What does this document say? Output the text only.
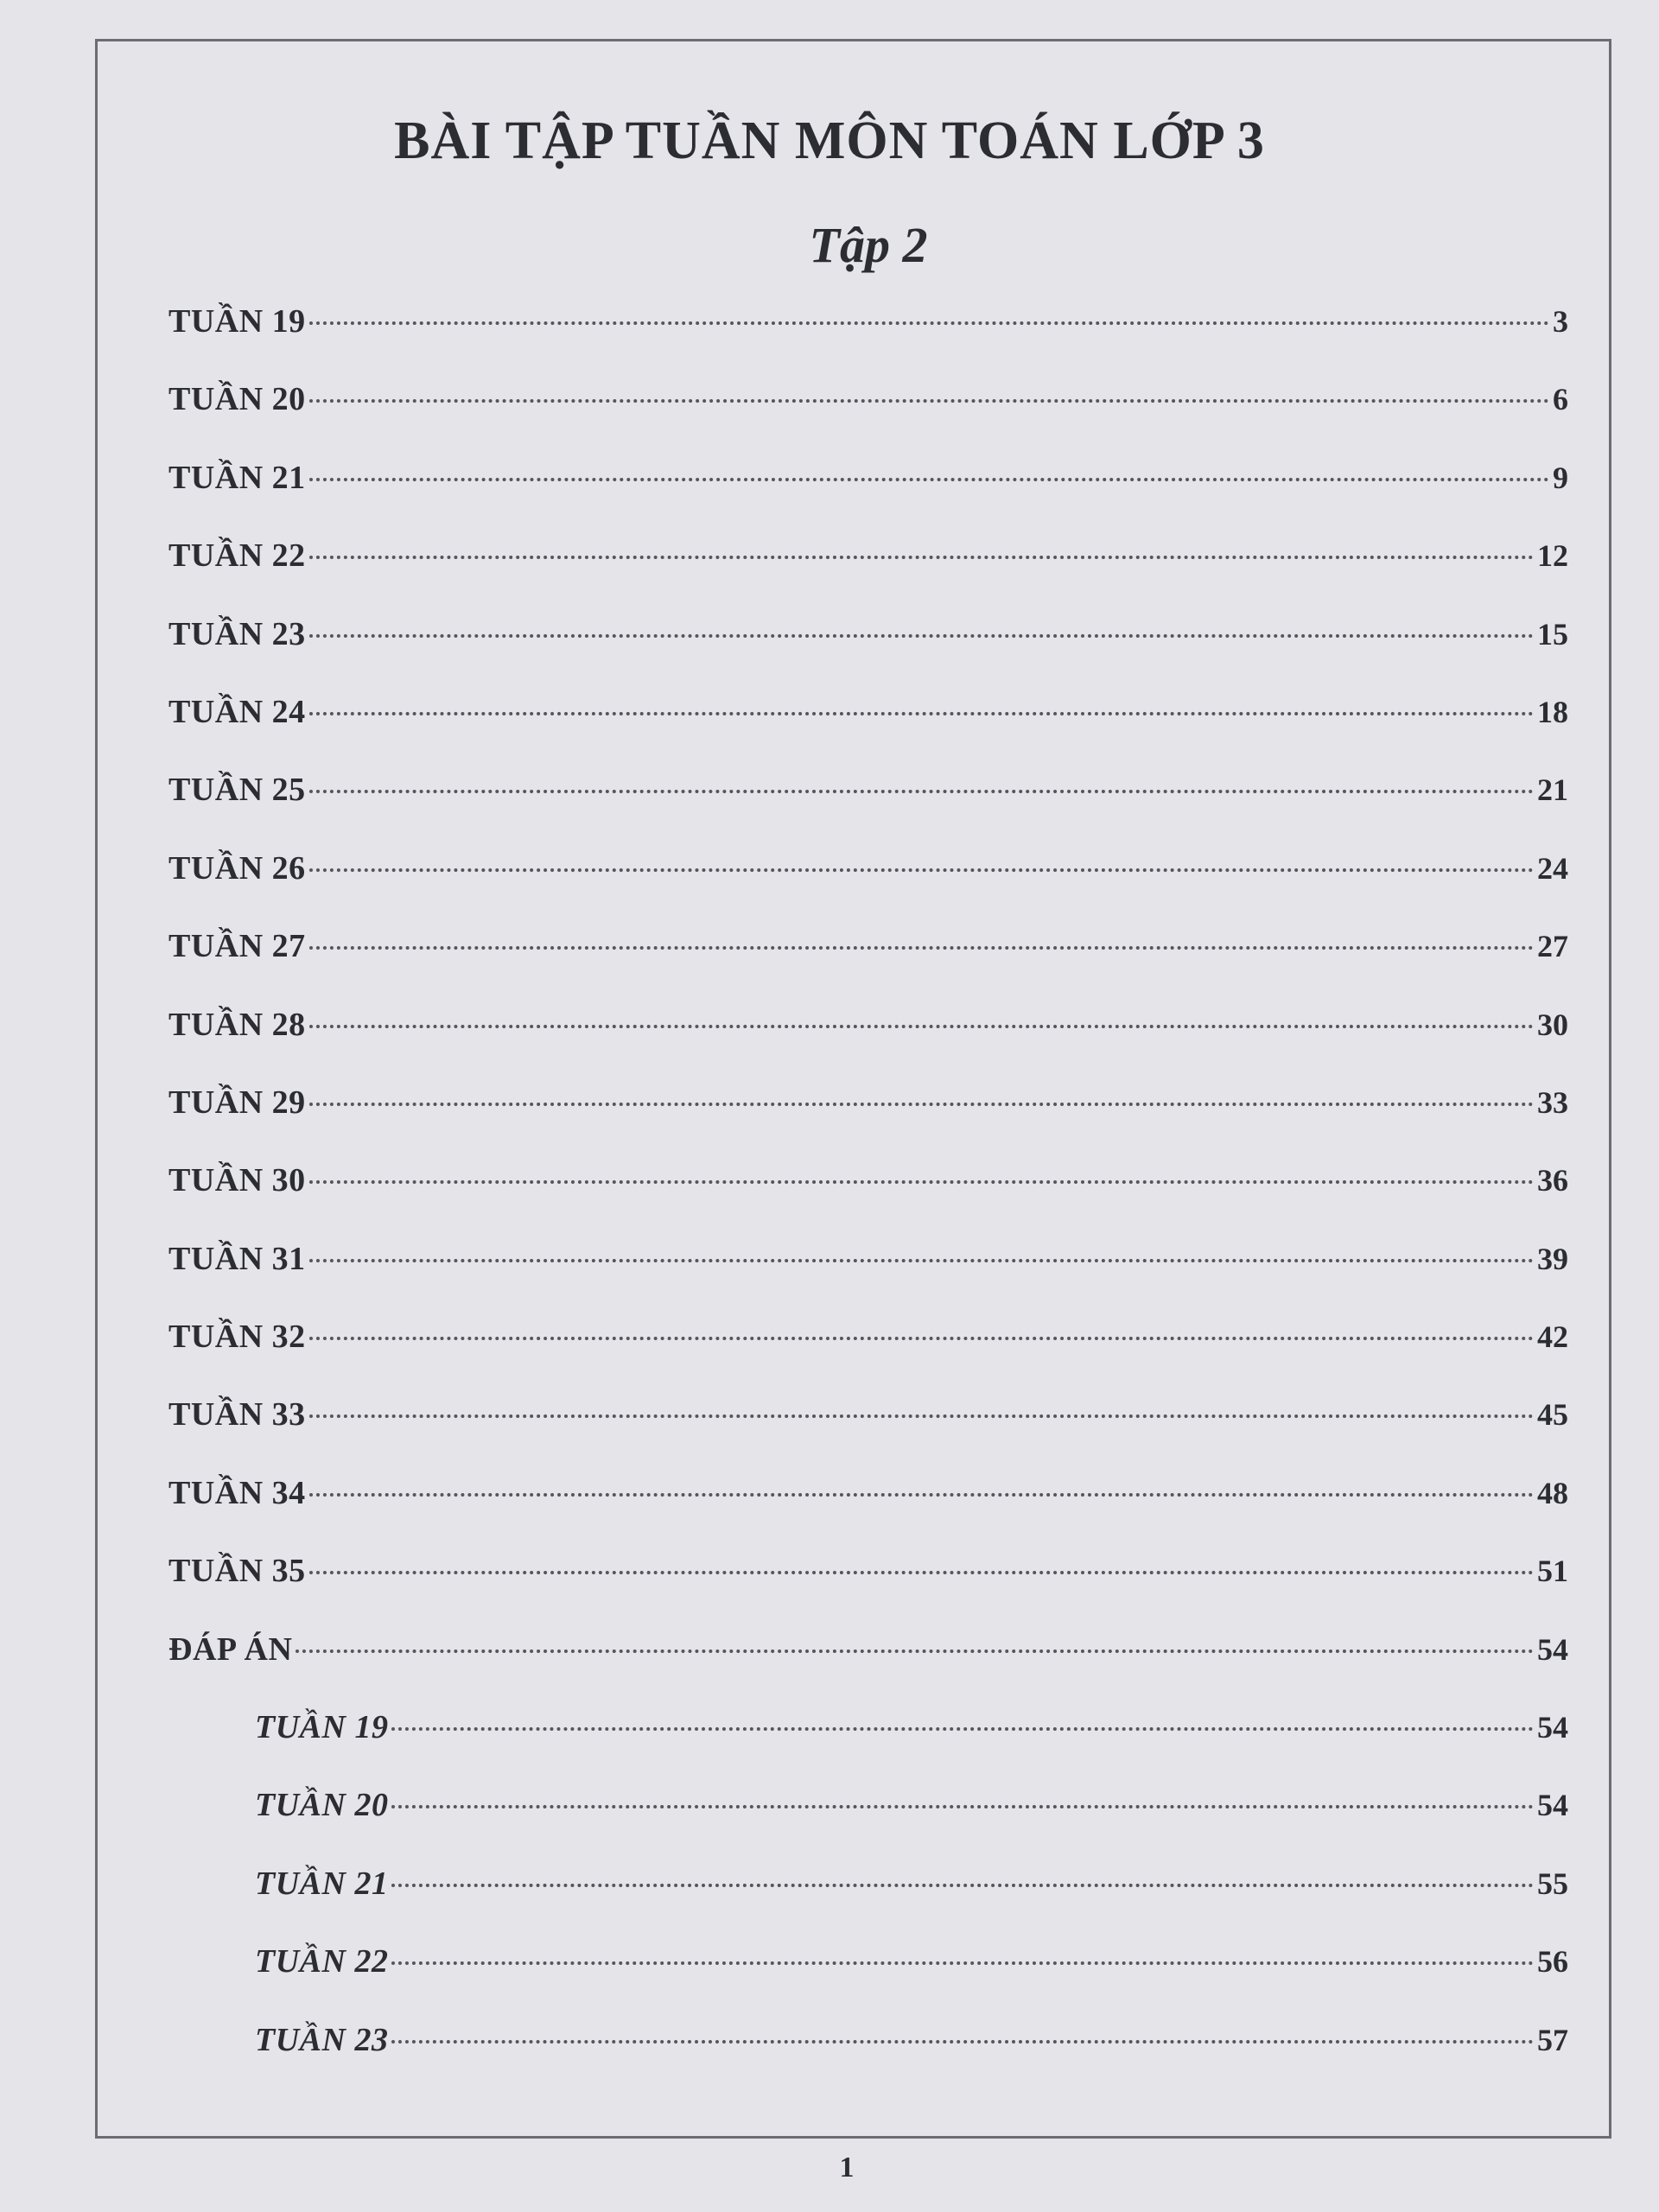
BÀI TẬP TUẦN MÔN TOÁN LỚP 3
Tập 2
TUẦN 19	3
TUẦN 20	6
TUẦN 21	9
TUẦN 22	12
TUẦN 23	15
TUẦN 24	18
TUẦN 25	21
TUẦN 26	24
TUẦN 27	27
TUẦN 28	30
TUẦN 29	33
TUẦN 30	36
TUẦN 31	39
TUẦN 32	42
TUẦN 33	45
TUẦN 34	48
TUẦN 35	51
ĐÁP ÁN	54
TUẦN 19	54
TUẦN 20	54
TUẦN 21	55
TUẦN 22	56
TUẦN 23	57
1
